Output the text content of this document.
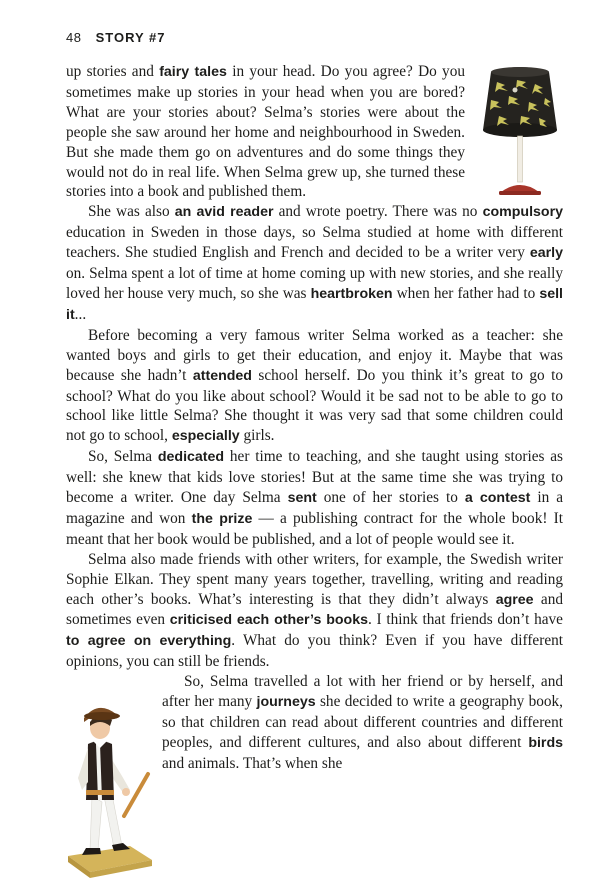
48 STORY #7

up stories and fairy tales in your head. Do you agree? Do you sometimes make up stories in your head when you are bored? What are your stories about? Selma’s stories were about the people she saw around her home and neighbourhood in Sweden. But she made them go on adventures and do some things they would not do in real life. When Selma grew up, she turned these stories into a book and published them.

She was also an avid reader and wrote poetry. There was no compulsory education in Sweden in those days, so Selma studied at home with different teachers. She studied English and French and decided to be a writer very early on. Selma spent a lot of time at home coming up with new stories, and she really loved her house very much, so she was heartbroken when her father had to sell it...

Before becoming a very famous writer Selma worked as a teacher: she wanted boys and girls to get their education, and enjoy it. Maybe that was because she hadn’t attended school herself. Do you think it’s great to go to school? What do you like about school? Would it be sad not to be able to go to school like little Selma? She thought it was very sad that some children could not go to school, especially girls.

So, Selma dedicated her time to teaching, and she taught using stories as well: she knew that kids love stories! But at the same time she was trying to become a writer. One day Selma sent one of her stories to a contest in a magazine and won the prize — a publishing contract for the whole book! It meant that her book would be published, and a lot of people would see it.

Selma also made friends with other writers, for example, the Swedish writer Sophie Elkan. They spent many years together, travelling, writing and reading each other’s books. What’s interesting is that they didn’t always agree and sometimes even criticised each other’s books. I think that friends don’t have to agree on everything. What do you think? Even if you have different opinions, you can still be friends.

So, Selma travelled a lot with her friend or by herself, and after her many journeys she decided to write a geography book, so that children can read about different countries and different peoples, and different cultures, and also about different birds and animals. That’s when she
